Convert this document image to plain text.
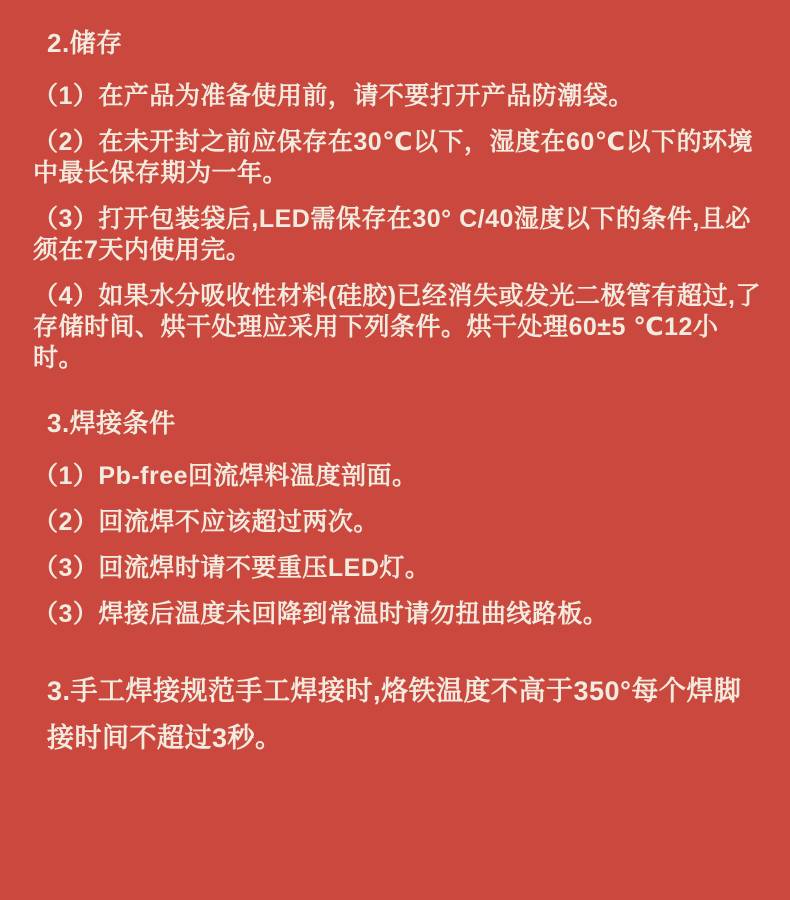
2.储存

（1）在产品为准备使用前，请不要打开产品防潮袋。

（2）在未开封之前应保存在30℃以下，湿度在60℃以下的环境中最长保存期为一年。

（3）打开包装袋后,LED需保存在30° C/40湿度以下的条件,且必须在7天内使用完。

（4）如果水分吸收性材料(硅胶)已经消失或发光二极管有超过,了存储时间、烘干处理应采用下列条件。烘干处理60±5 ℃12小时。

3.焊接条件

（1）Pb-free回流焊料温度剖面。

（2）回流焊不应该超过两次。

（3）回流焊时请不要重压LED灯。

（3）焊接后温度未回降到常温时请勿扭曲线路板。

3.手工焊接规范手工焊接时,烙铁温度不高于350°每个焊脚接时间不超过3秒。
